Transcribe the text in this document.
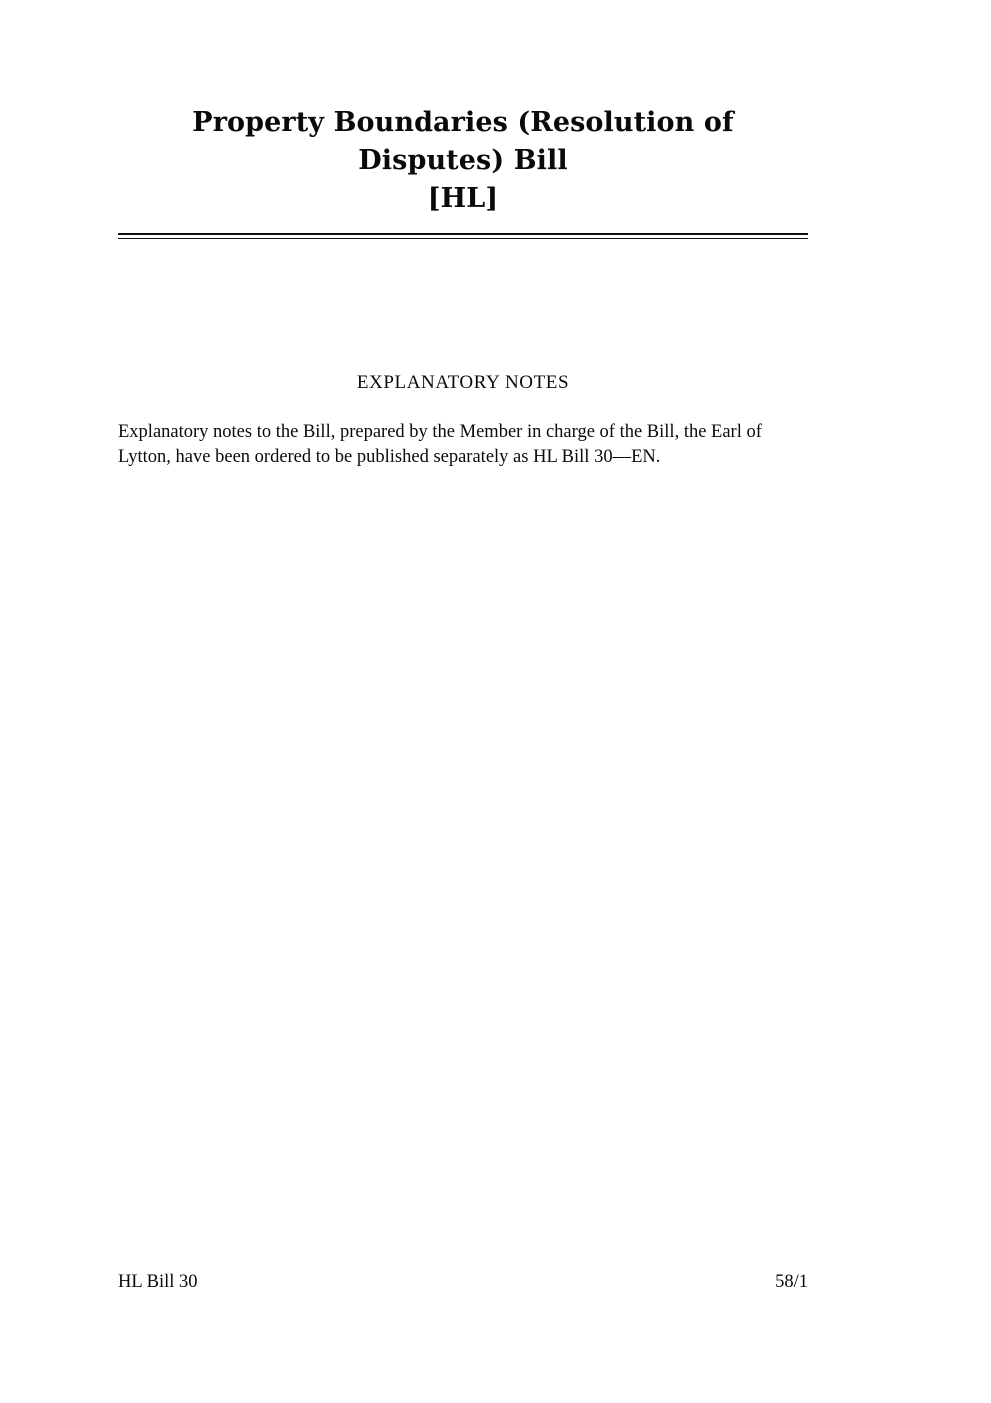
Property Boundaries (Resolution of Disputes) Bill
[HL]
EXPLANATORY NOTES

Explanatory notes to the Bill, prepared by the Member in charge of the Bill, the Earl of Lytton, have been ordered to be published separately as HL Bill 30—EN.

HL Bill 30	58/1
